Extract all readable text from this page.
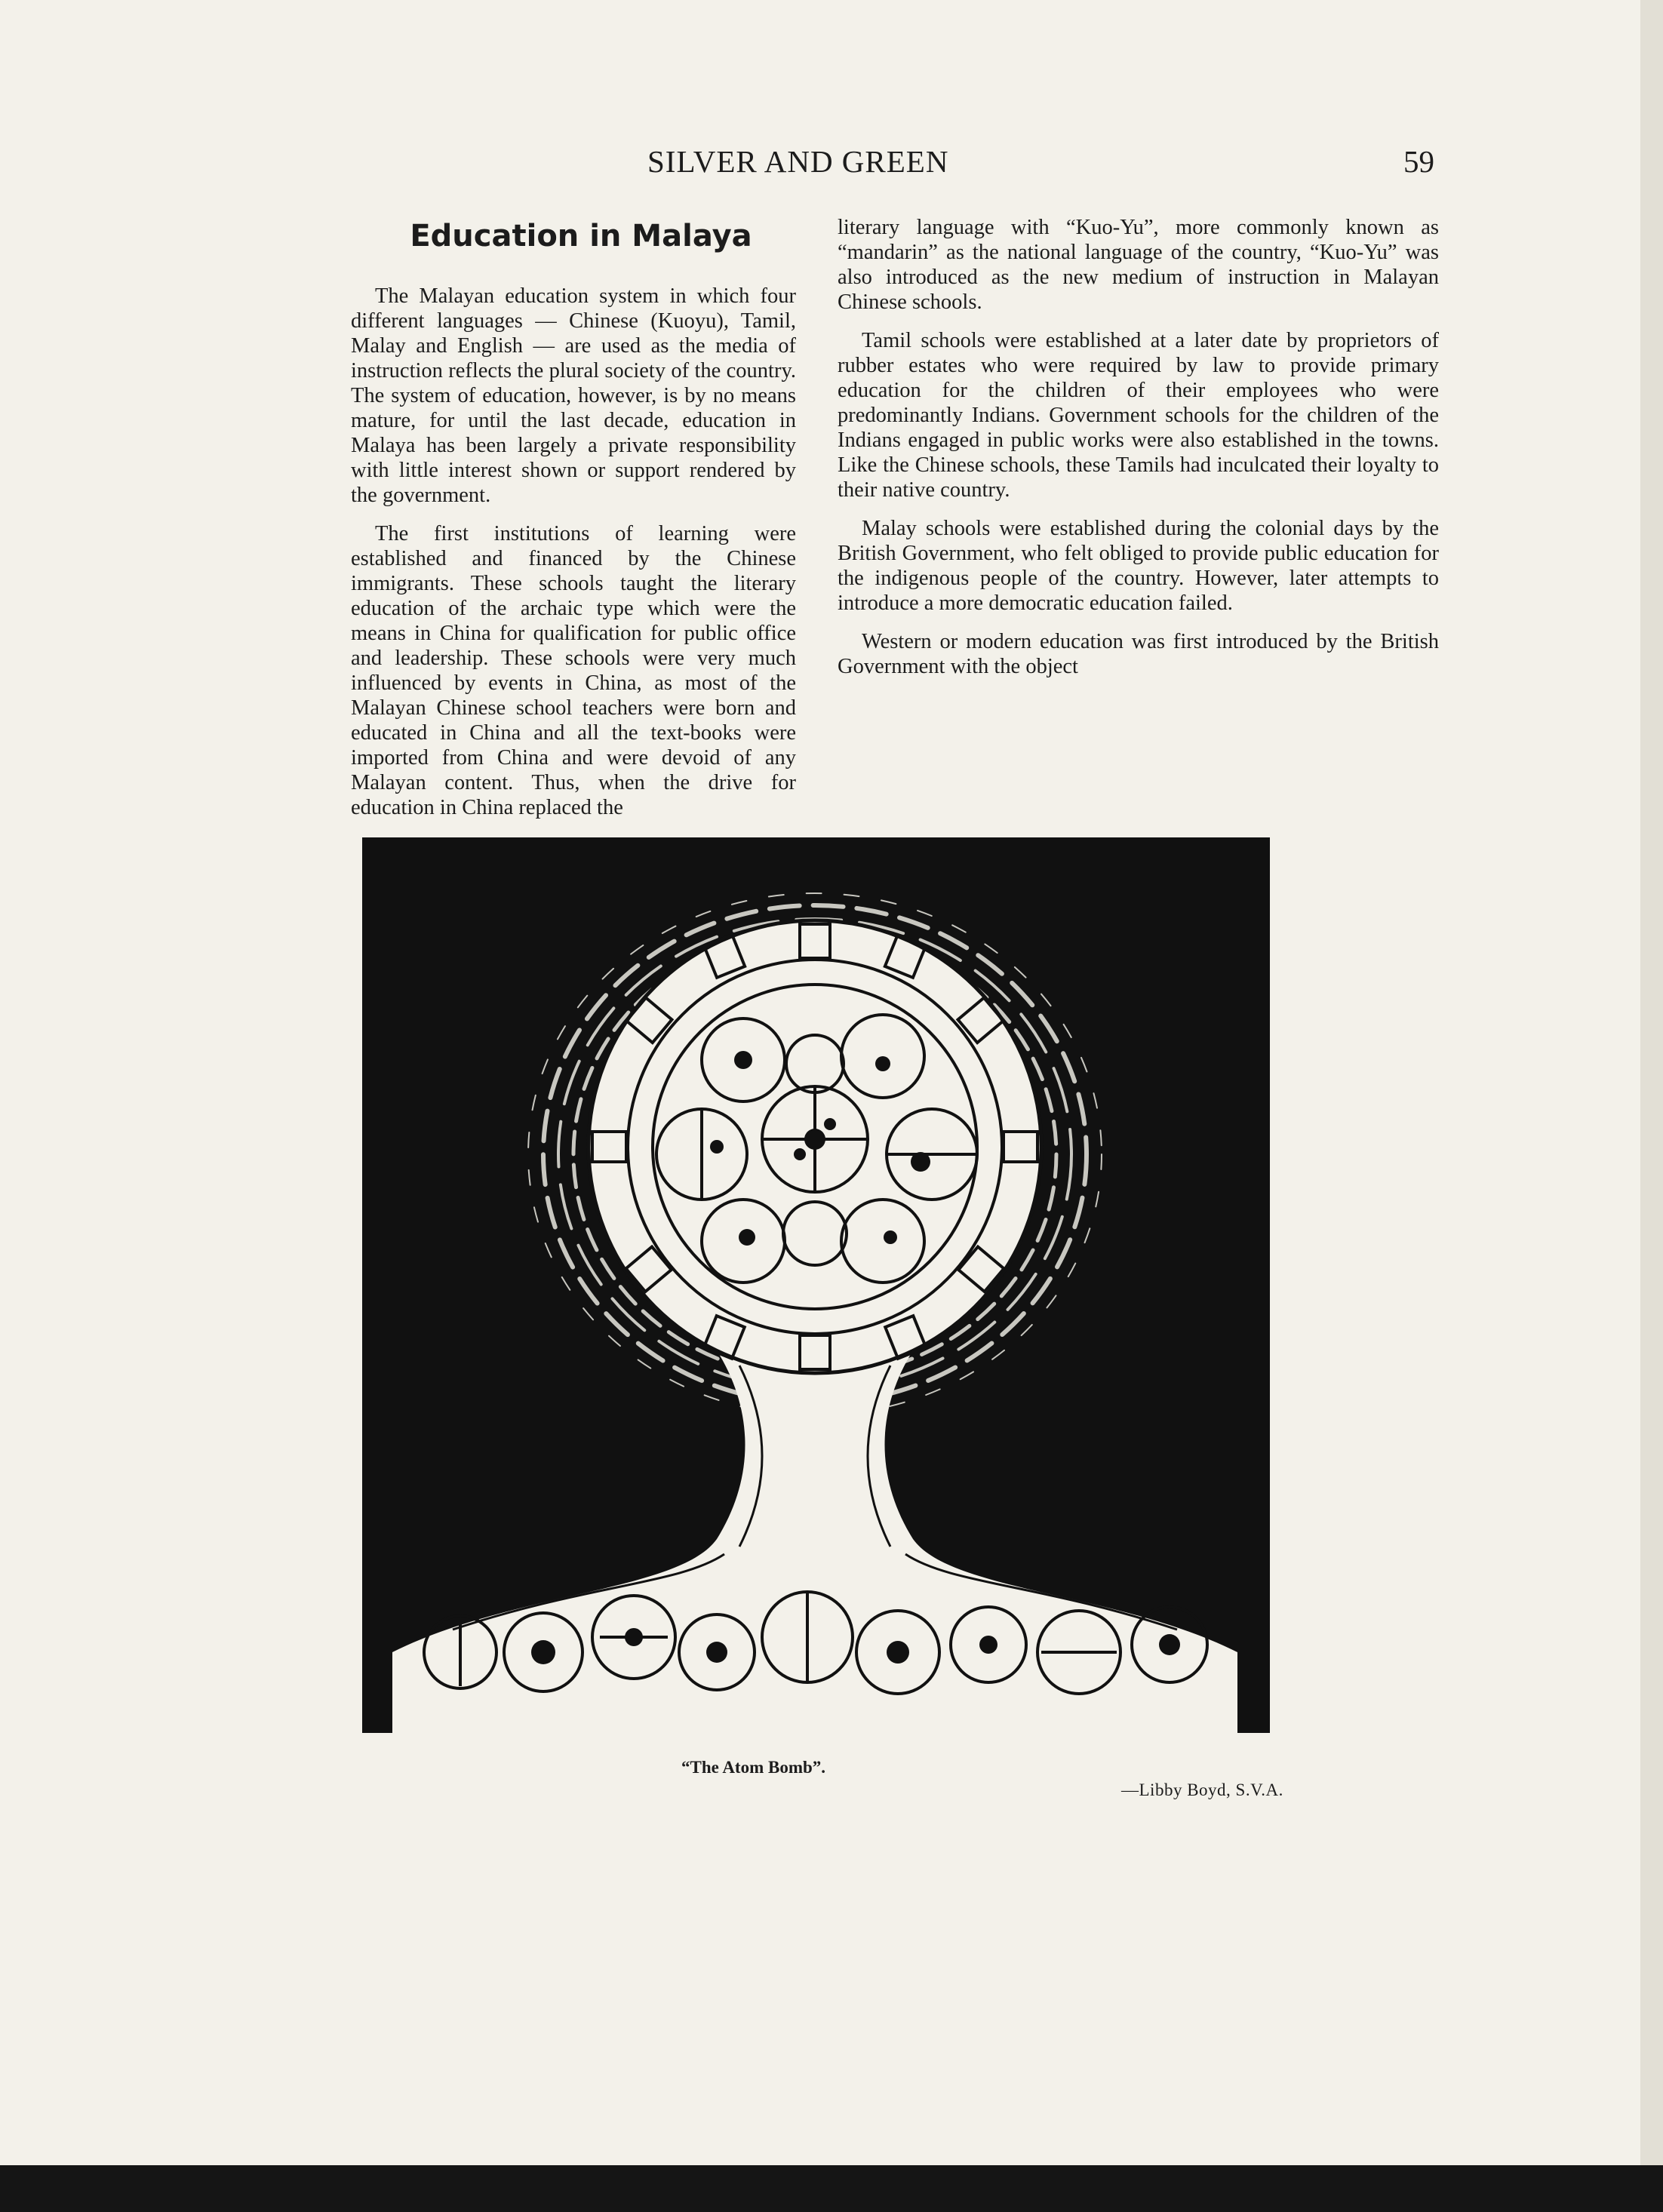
SILVER AND GREEN	59
Education in Malaya

The Malayan education system in which four different languages — Chinese (Kuoyu), Tamil, Malay and English — are used as the media of instruction reflects the plural society of the country. The system of education, however, is by no means mature, for until the last decade, education in Malaya has been largely a private responsibility with little interest shown or support rendered by the government.

The first institutions of learning were established and financed by the Chinese immigrants. These schools taught the literary education of the archaic type which were the means in China for qualification for public office and leadership. These schools were very much influenced by events in China, as most of the Malayan Chinese school teachers were born and educated in China and all the text-books were imported from China and were devoid of any Malayan content. Thus, when the drive for education in China replaced the

literary language with “Kuo-Yu”, more commonly known as “mandarin” as the national language of the country, “Kuo-Yu” was also introduced as the new medium of instruction in Malayan Chinese schools.

Tamil schools were established at a later date by proprietors of rubber estates who were required by law to provide primary education for the children of their employees who were predominantly Indians. Government schools for the children of the Indians engaged in public works were also established in the towns. Like the Chinese schools, these Tamils had inculcated their loyalty to their native country.

Malay schools were established during the colonial days by the British Government, who felt obliged to provide public education for the indigenous people of the country. However, later attempts to introduce a more democratic education failed.

Western or modern education was first introduced by the British Government with the object

“The Atom Bomb”.
—Libby Boyd, S.V.A.
